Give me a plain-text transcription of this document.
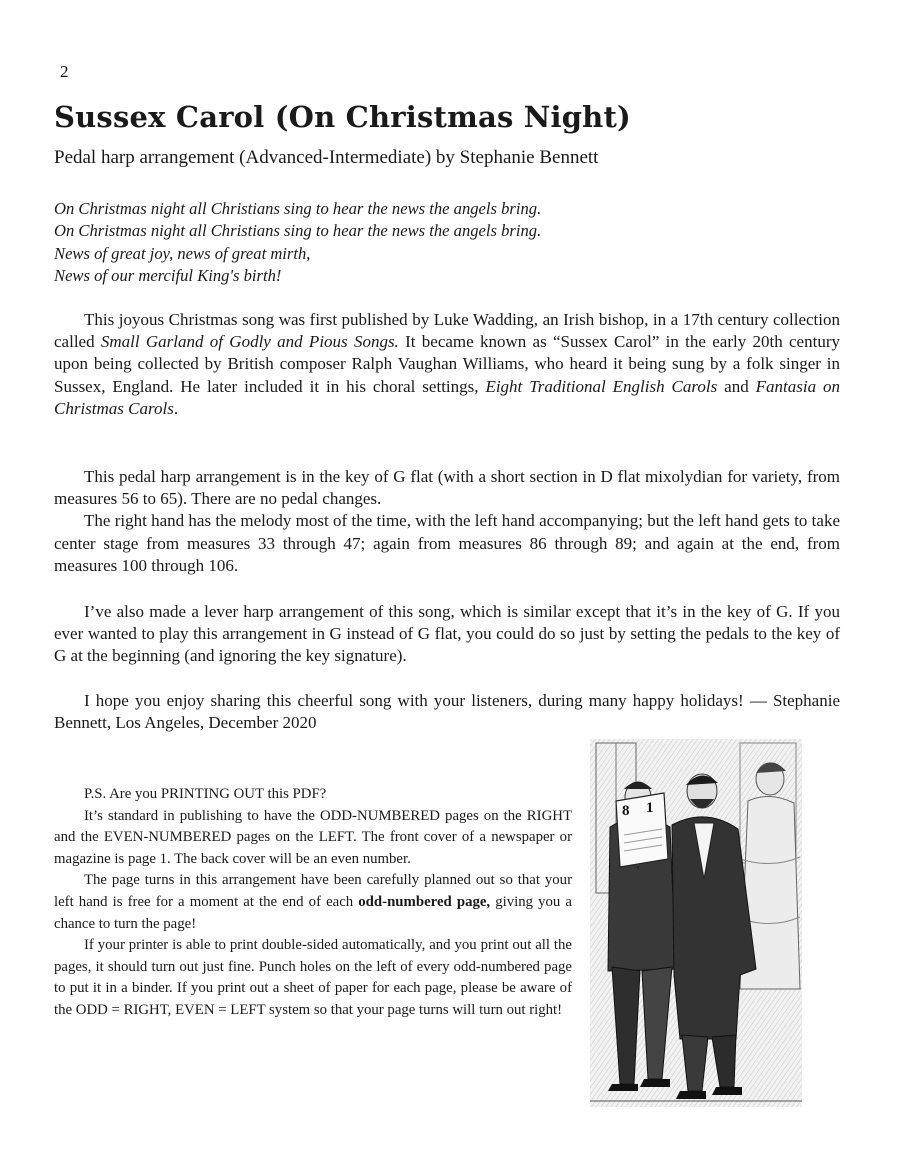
2
Sussex Carol (On Christmas Night)
Pedal harp arrangement (Advanced-Intermediate) by Stephanie Bennett
On Christmas night all Christians sing to hear the news the angels bring.
On Christmas night all Christians sing to hear the news the angels bring.
News of great joy, news of great mirth,
News of our merciful King's birth!

This joyous Christmas song was first published by Luke Wadding, an Irish bishop, in a 17th century collection called Small Garland of Godly and Pious Songs. It became known as “Sussex Carol” in the early 20th century upon being collected by British composer Ralph Vaughan Williams, who heard it being sung by a folk singer in Sussex, England. He later included it in his choral settings, Eight Traditional English Carols and Fantasia on Christmas Carols.

This pedal harp arrangement is in the key of G flat (with a short section in D flat mixolydian for variety, from measures 56 to 65). There are no pedal changes.

The right hand has the melody most of the time, with the left hand accompanying; but the left hand gets to take center stage from measures 33 through 47; again from measures 86 through 89; and again at the end, from measures 100 through 106.

I’ve also made a lever harp arrangement of this song, which is similar except that it’s in the key of G. If you ever wanted to play this arrangement in G instead of G flat, you could do so just by setting the pedals to the key of G at the beginning (and ignoring the key signature).

I hope you enjoy sharing this cheerful song with your listeners, during many happy holidays! — Stephanie Bennett, Los Angeles, December 2020

P.S. Are you PRINTING OUT this PDF?

It’s standard in publishing to have the ODD-NUMBERED pages on the RIGHT and the EVEN-NUMBERED pages on the LEFT. The front cover of a newspaper or magazine is page 1. The back cover will be an even number.

The page turns in this arrangement have been carefully planned out so that your left hand is free for a moment at the end of each odd-numbered page, giving you a chance to turn the page!

If your printer is able to print double-sided automatically, and you print out all the pages, it should turn out just fine. Punch holes on the left of every odd-numbered page to put it in a binder. If you print out a sheet of paper for each page, please be aware of the ODD = RIGHT, EVEN = LEFT system so that your page turns will turn out right!

8 1
